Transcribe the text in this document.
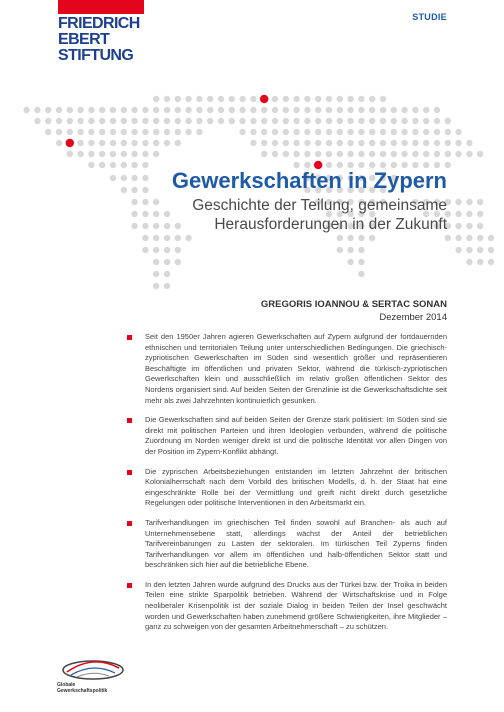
FRIEDRICH
EBERT
STIFTUNG
STUDIE
Gewerkschaften in Zypern
Geschichte der Teilung, gemeinsame
Herausforderungen in der Zukunft
GREGORIS IOANNOU & SERTAC SONAN
Dezember 2014
Seit den 1950er Jahren agieren Gewerkschaften auf Zypern aufgrund der fortdauernden ethnischen und territorialen Teilung unter unterschiedlichen Bedingungen. Die griechisch-zypriotischen Gewerkschaften im Süden sind wesentlich größer und repräsentieren Beschäftigte im öffentlichen und privaten Sektor, während die türkisch-zypriotischen Gewerkschaften klein und ausschließlich im relativ großen öffentlichen Sektor des Nordens organisiert sind. Auf beiden Seiten der Grenzlinie ist die Gewerkschaftsdichte seit mehr als zwei Jahrzehnten kontinuierlich gesunken.
Die Gewerkschaften sind auf beiden Seiten der Grenze stark politisiert: Im Süden sind sie direkt mit politischen Parteien und ihren Ideologien verbunden, während die politische Zuordnung im Norden weniger direkt ist und die politische Identität vor allen Dingen von der Position im Zypern-Konflikt abhängt.
Die zyprischen Arbeitsbeziehungen entstanden im letzten Jahrzehnt der britischen Kolonialherrschaft nach dem Vorbild des britischen Modells, d. h. der Staat hat eine eingeschränkte Rolle bei der Vermittlung und greift nicht direkt durch gesetzliche Regelungen oder politische Interventionen in den Arbeitsmarkt ein.
Tarifverhandlungen im griechischen Teil finden sowohl auf Branchen- als auch auf Unternehmensebene statt, allerdings wächst der Anteil der betrieblichen Tarifvereinbarungen zu Lasten der sektoralen. Im türkischen Teil Zyperns finden Tarifverhandlungen vor allem im öffentlichen und halb-öffentlichen Sektor statt und beschränken sich hier auf die betriebliche Ebene.
In den letzten Jahren wurde aufgrund des Drucks aus der Türkei bzw. der Troika in beiden Teilen eine strikte Sparpolitik betrieben. Während der Wirtschaftskrise und in Folge neoliberaler Krisenpolitik ist der soziale Dialog in beiden Teilen der Insel geschwächt worden und Gewerkschaften haben zunehmend größere Schwierigkeiten, ihre Mitglieder – ganz zu schweigen von der gesamten Arbeitnehmerschaft – zu schützen.
Globale
Gewerkschaftspolitik
